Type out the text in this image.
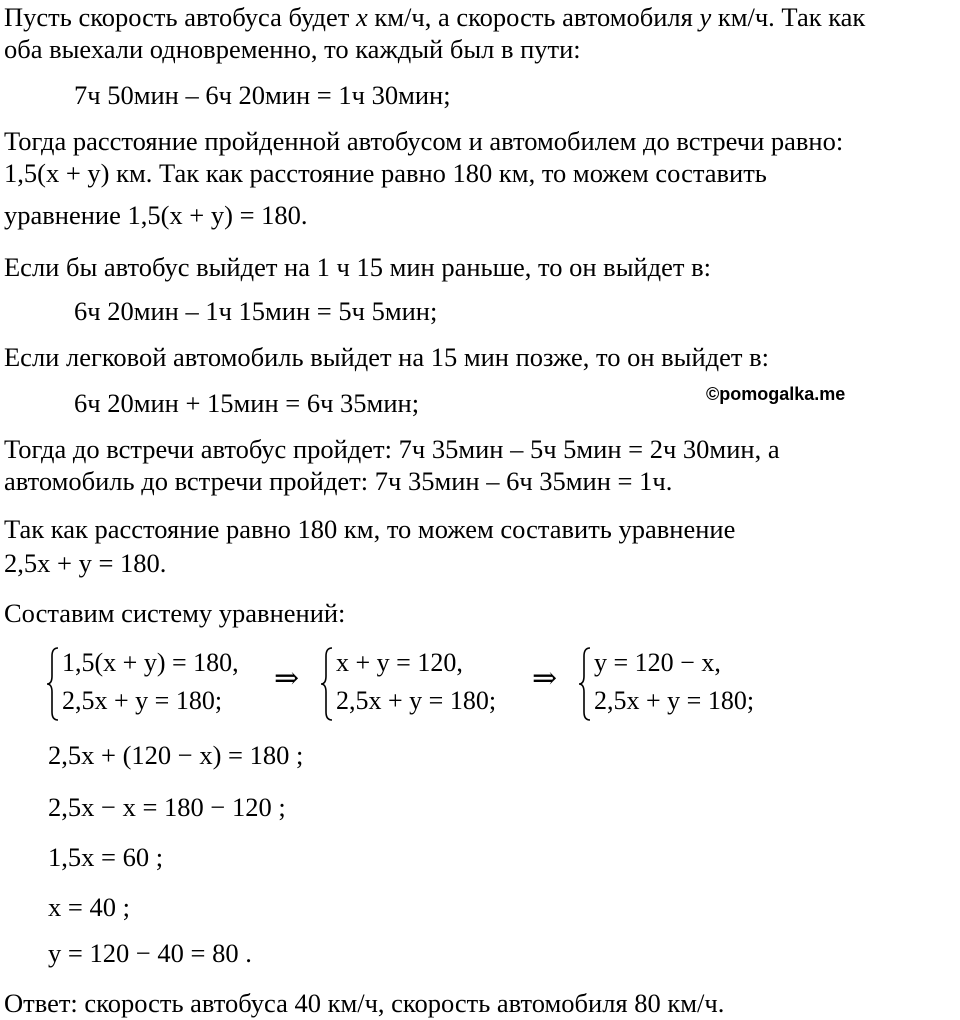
Пусть скорость автобуса будет x км/ч, а скорость автомобиля y км/ч. Так как
оба выехали одновременно, то каждый был в пути:
7ч 50мин – 6ч 20мин = 1ч 30мин;
Тогда расстояние пройденной автобусом и автомобилем до встречи равно:
1,5(x + y) км. Так как расстояние равно 180 км, то можем составить
уравнение 1,5(x + y) = 180.
Если бы автобус выйдет на 1 ч 15 мин раньше, то он выйдет в:
6ч 20мин – 1ч 15мин = 5ч 5мин;
Если легковой автомобиль выйдет на 15 мин позже, то он выйдет в:
6ч 20мин + 15мин = 6ч 35мин;	©pomogalka.me
Тогда до встречи автобус пройдет: 7ч 35мин – 5ч 5мин = 2ч 30мин, а
автомобиль до встречи пройдет: 7ч 35мин – 6ч 35мин = 1ч.
Так как расстояние равно 180 км, то можем составить уравнение
2,5x + y = 180.
Составим систему уравнений:
1,5(x + y) = 180,
2,5x + y = 180;
⇒ x + y = 120,
2,5x + y = 180;
⇒ y = 120 − x,
2,5x + y = 180;
2,5x + (120 − x) = 180 ;
2,5x − x = 180 − 120 ;
1,5x = 60 ;
x = 40 ;
y = 120 − 40 = 80 .
Ответ: скорость автобуса 40 км/ч, скорость автомобиля 80 км/ч.
